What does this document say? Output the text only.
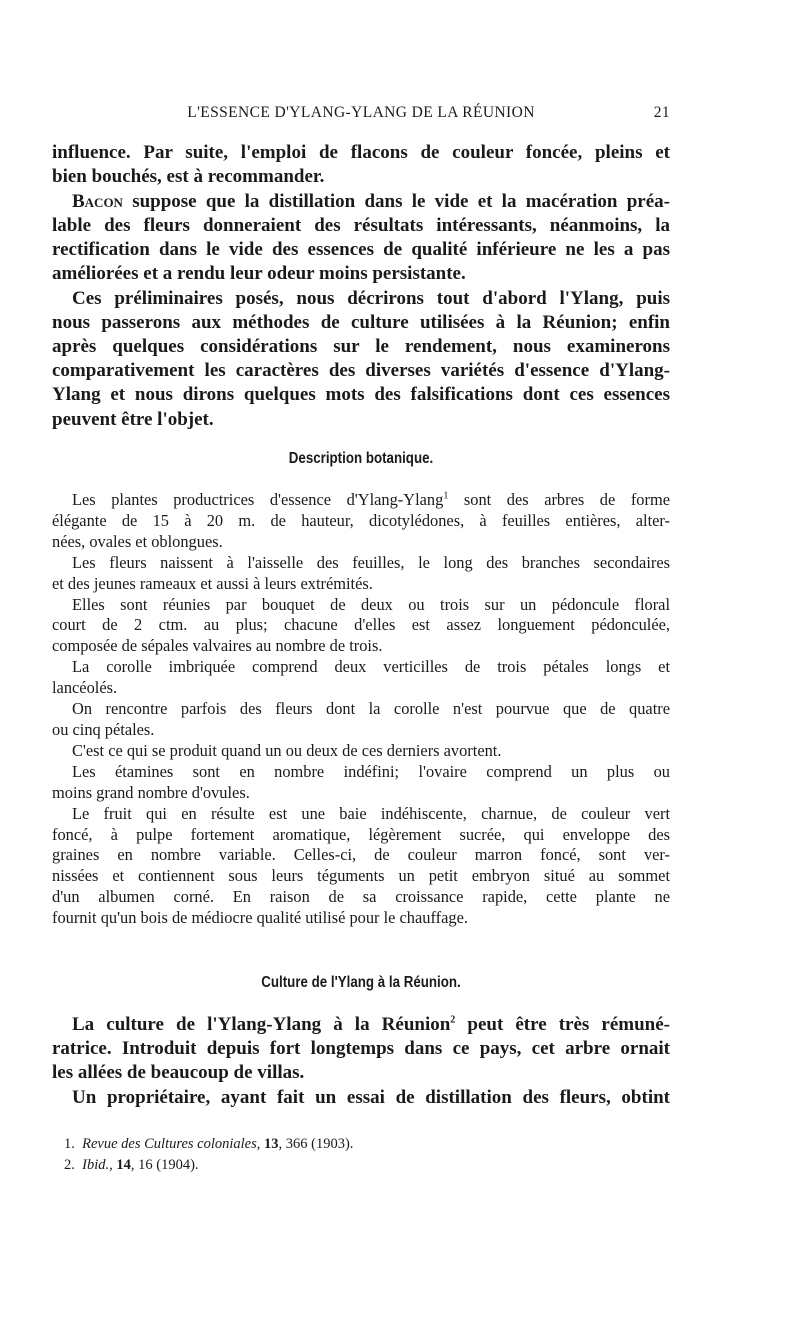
L'ESSENCE D'YLANG-YLANG DE LA RÉUNION	21
influence. Par suite, l'emploi de flacons de couleur foncée, pleins et
bien bouchés, est à recommander.
Bacon suppose que la distillation dans le vide et la macération préa-
lable des fleurs donneraient des résultats intéressants, néanmoins, la
rectification dans le vide des essences de qualité inférieure ne les a pas
améliorées et a rendu leur odeur moins persistante.
Ces préliminaires posés, nous décrirons tout d'abord l'Ylang, puis
nous passerons aux méthodes de culture utilisées à la Réunion; enfin
après quelques considérations sur le rendement, nous examinerons
comparativement les caractères des diverses variétés d'essence d'Ylang-
Ylang et nous dirons quelques mots des falsifications dont ces essences
peuvent être l'objet.
Description botanique.
Les plantes productrices d'essence d'Ylang-Ylang$^1$ sont des arbres de forme
élégante de 15 à 20 m. de hauteur, dicotylédones, à feuilles entières, alter-
nées, ovales et oblongues.
Les fleurs naissent à l'aisselle des feuilles, le long des branches secondaires
et des jeunes rameaux et aussi à leurs extrémités.
Elles sont réunies par bouquet de deux ou trois sur un pédoncule floral
court de 2 ctm. au plus; chacune d'elles est assez longuement pédonculée,
composée de sépales valvaires au nombre de trois.
La corolle imbriquée comprend deux verticilles de trois pétales longs et
lancéolés.
On rencontre parfois des fleurs dont la corolle n'est pourvue que de quatre
ou cinq pétales.
C'est ce qui se produit quand un ou deux de ces derniers avortent.
Les étamines sont en nombre indéfini; l'ovaire comprend un plus ou
moins grand nombre d'ovules.
Le fruit qui en résulte est une baie indéhiscente, charnue, de couleur vert
foncé, à pulpe fortement aromatique, légèrement sucrée, qui enveloppe des
graines en nombre variable. Celles-ci, de couleur marron foncé, sont ver-
nissées et contiennent sous leurs téguments un petit embryon situé au sommet
d'un albumen corné. En raison de sa croissance rapide, cette plante ne
fournit qu'un bois de médiocre qualité utilisé pour le chauffage.
Culture de l'Ylang à la Réunion.
La culture de l'Ylang-Ylang à la Réunion$^2$ peut être très rémuné-
ratrice. Introduit depuis fort longtemps dans ce pays, cet arbre ornait
les allées de beaucoup de villas.
Un propriétaire, ayant fait un essai de distillation des fleurs, obtint
1. Revue des Cultures coloniales, 13, 366 (1903).
2. Ibid., 14, 16 (1904).
